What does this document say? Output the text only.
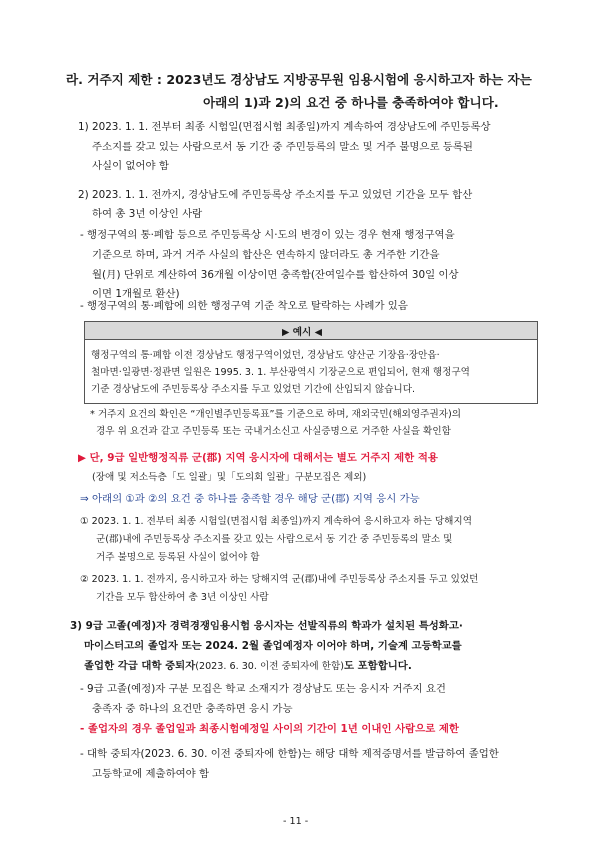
라. 거주지 제한 : 2023년도 경상남도 지방공무원 임용시험에 응시하고자 하는 자는
아래의 1)과 2)의 요건 중 하나를 충족하여야 합니다.
1) 2023. 1. 1. 전부터 최종 시험일(면접시험 최종일)까지 계속하여 경상남도에 주민등록상
주소지를 갖고 있는 사람으로서 동 기간 중 주민등록의 말소 및 거주 불명으로 등록된
사실이 없어야 함
2) 2023. 1. 1. 전까지, 경상남도에 주민등록상 주소지를 두고 있었던 기간을 모두 합산
하여 총 3년 이상인 사람
- 행정구역의 통·폐합 등으로 주민등록상 시·도의 변경이 있는 경우 현재 행정구역을
기준으로 하며, 과거 거주 사실의 합산은 연속하지 않더라도 총 거주한 기간을
월(月) 단위로 계산하여 36개월 이상이면 충족함(잔여일수를 합산하여 30일 이상
이면 1개월로 환산)
- 행정구역의 통·폐합에 의한 행정구역 기준 착오로 탈락하는 사례가 있음
▶ 예시 ◀
행정구역의 통·폐합 이전 경상남도 행정구역이었던, 경상남도 양산군 기장읍·장안읍·
철마면·일광면·정관면 일원은 1995. 3. 1. 부산광역시 기장군으로 편입되어, 현재 행정구역
기준 경상남도에 주민등록상 주소지를 두고 있었던 기간에 산입되지 않습니다.
* 거주지 요건의 확인은 “개인별주민등록표”를 기준으로 하며, 재외국민(해외영주권자)의
경우 위 요건과 같고 주민등록 또는 국내거소신고 사실증명으로 거주한 사실을 확인함
▶ 단, 9급 일반행정직류 군(郡) 지역 응시자에 대해서는 별도 거주지 제한 적용
(장애 및 저소득층「도 일괄」및「도의회 일괄」구분모집은 제외)
⇒ 아래의 ①과 ②의 요건 중 하나를 충족할 경우 해당 군(郡) 지역 응시 가능
① 2023. 1. 1. 전부터 최종 시험일(면접시험 최종일)까지 계속하여 응시하고자 하는 당해지역
군(郡)내에 주민등록상 주소지를 갖고 있는 사람으로서 동 기간 중 주민등록의 말소 및
거주 불명으로 등록된 사실이 없어야 함
② 2023. 1. 1. 전까지, 응시하고자 하는 당해지역 군(郡)내에 주민등록상 주소지를 두고 있었던
기간을 모두 합산하여 총 3년 이상인 사람
3) 9급 고졸(예정)자 경력경쟁임용시험 응시자는 선발직류의 학과가 설치된 특성화고·
마이스터고의 졸업자 또는 2024. 2월 졸업예정자 이어야 하며, 기술계 고등학교를
졸업한 각급 대학 중퇴자(2023. 6. 30. 이전 중퇴자에 한함)도 포함합니다.
- 9급 고졸(예정)자 구분 모집은 학교 소재지가 경상남도 또는 응시자 거주지 요건
충족자 중 하나의 요건만 충족하면 응시 가능
- 졸업자의 경우 졸업일과 최종시험예정일 사이의 기간이 1년 이내인 사람으로 제한
- 대학 중퇴자(2023. 6. 30. 이전 중퇴자에 한함)는 해당 대학 제적증명서를 발급하여 졸업한
고등학교에 제출하여야 함
- 11 -
